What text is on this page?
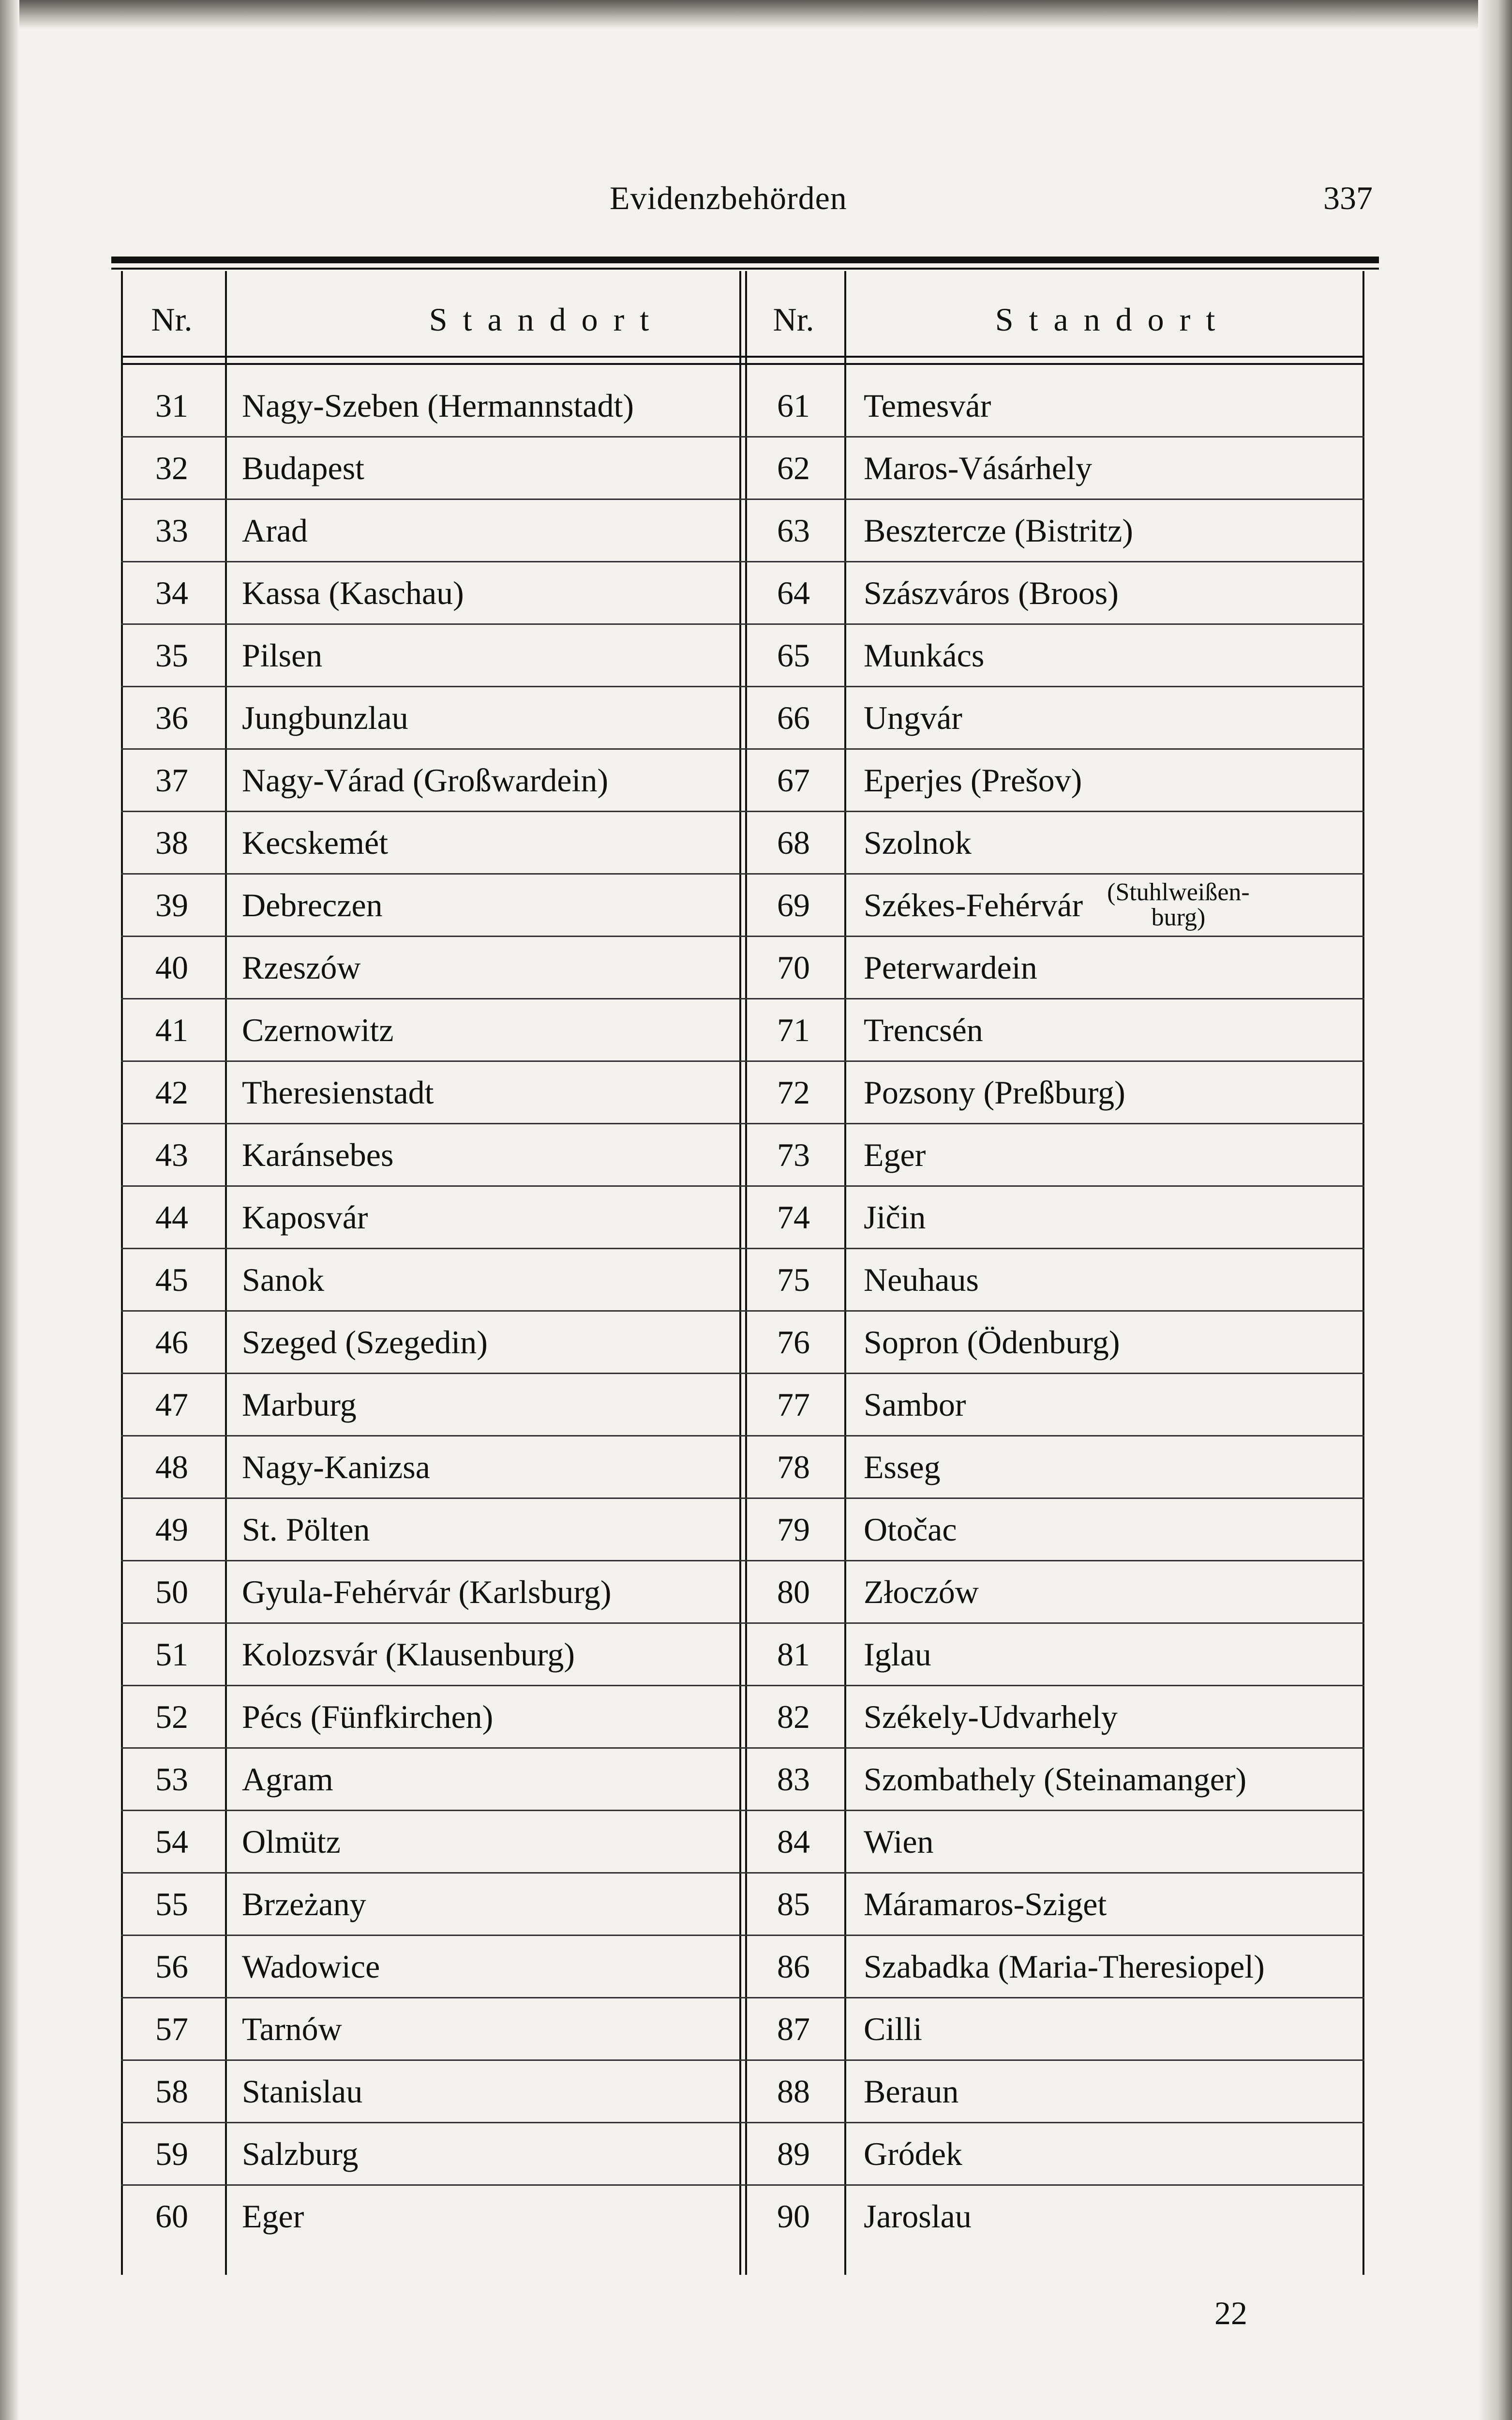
Evidenzbehörden	337
Nr.	Standort	Nr.	Standort
31 Nagy-Szeben (Hermannstadt)	61 Temesvár
32 Budapest	62 Maros-Vásárhely
33 Arad	63 Besztercze (Bistritz)
34 Kassa (Kaschau)	64 Szászváros (Broos)
35 Pilsen	65 Munkács
36 Jungbunzlau	66 Ungvár
37 Nagy-Várad (Großwardein)	67 Eperjes (Prešov)
38 Kecskemét	68 Szolnok
39 Debreczen	69 Székes-Fehérvár (Stuhlweißen-
burg)
40 Rzeszów	70 Peterwardein
41 Czernowitz	71 Trencsén
42 Theresienstadt	72 Pozsony (Preßburg)
43 Karánsebes	73 Eger
44 Kaposvár	74 Jičin
45 Sanok	75 Neuhaus
46 Szeged (Szegedin)	76 Sopron (Ödenburg)
47 Marburg	77 Sambor
48 Nagy-Kanizsa	78 Esseg
49 St. Pölten	79 Otočac
50 Gyula-Fehérvár (Karlsburg)	80 Złoczów
51 Kolozsvár (Klausenburg)	81 Iglau
52 Pécs (Fünfkirchen)	82 Székely-Udvarhely
53 Agram	83 Szombathely (Steinamanger)
54 Olmütz	84 Wien
55 Brzeżany	85 Máramaros-Sziget
56 Wadowice	86 Szabadka (Maria-Theresiopel)
57 Tarnów	87 Cilli
58 Stanislau	88 Beraun
59 Salzburg	89 Gródek
60 Eger	90 Jaroslau
22
